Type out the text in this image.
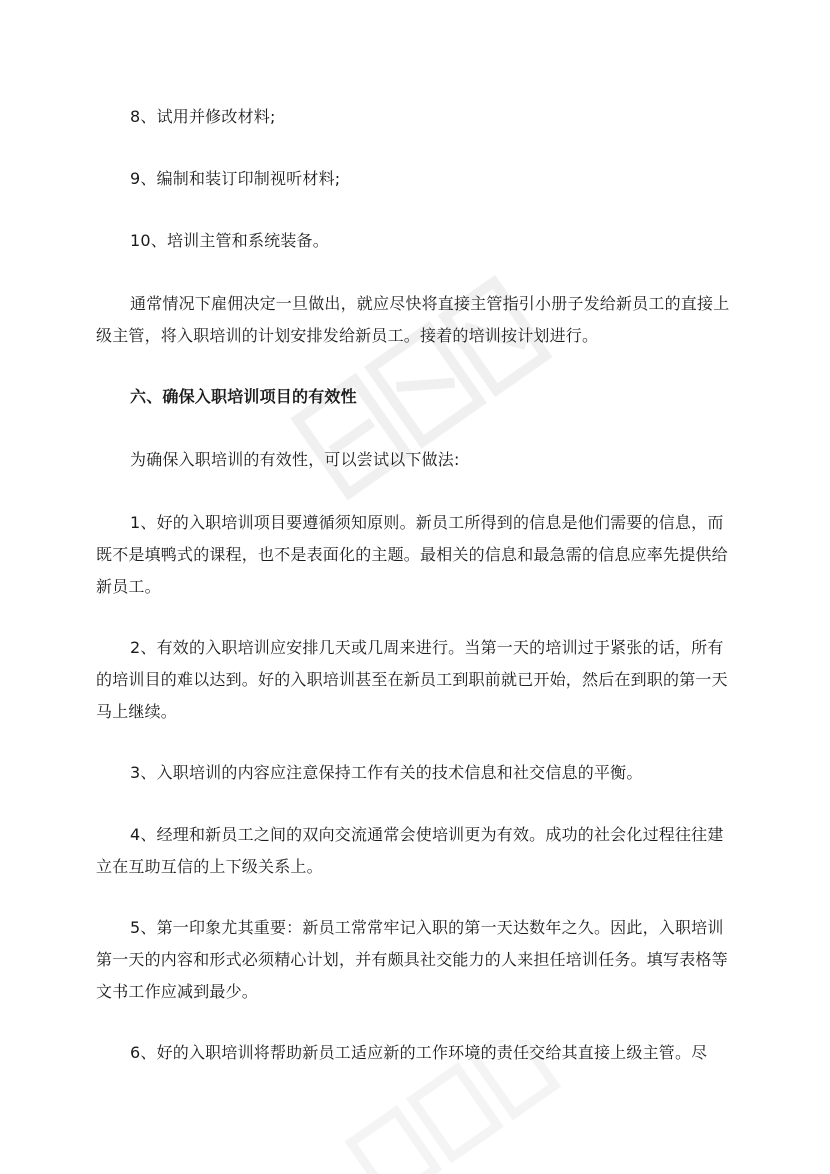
8、试用并修改材料;

9、编制和装订印制视听材料;

10、培训主管和系统装备。

通常情况下雇佣决定一旦做出，就应尽快将直接主管指引小册子发给新员工的直接上级主管，将入职培训的计划安排发给新员工。接着的培训按计划进行。

六、确保入职培训项目的有效性

为确保入职培训的有效性，可以尝试以下做法:

1、好的入职培训项目要遵循须知原则。新员工所得到的信息是他们需要的信息，而既不是填鸭式的课程，也不是表面化的主题。最相关的信息和最急需的信息应率先提供给新员工。

2、有效的入职培训应安排几天或几周来进行。当第一天的培训过于紧张的话，所有的培训目的难以达到。好的入职培训甚至在新员工到职前就已开始，然后在到职的第一天马上继续。

3、入职培训的内容应注意保持工作有关的技术信息和社交信息的平衡。

4、经理和新员工之间的双向交流通常会使培训更为有效。成功的社会化过程往往建立在互助互信的上下级关系上。

5、第一印象尤其重要：新员工常常牢记入职的第一天达数年之久。因此，入职培训第一天的内容和形式必须精心计划，并有颇具社交能力的人来担任培训任务。填写表格等文书工作应减到最少。

6、好的入职培训将帮助新员工适应新的工作环境的责任交给其直接上级主管。尽
